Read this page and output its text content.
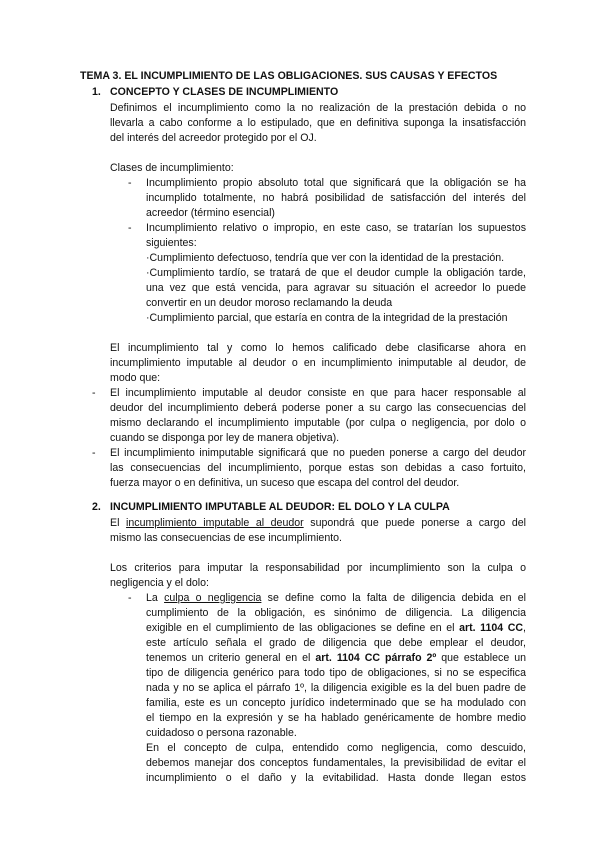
TEMA 3. EL INCUMPLIMIENTO DE LAS OBLIGACIONES. SUS CAUSAS Y EFECTOS
1. CONCEPTO Y CLASES DE INCUMPLIMIENTO
Definimos el incumplimiento como la no realización de la prestación debida o no
llevarla a cabo conforme a lo estipulado, que en definitiva suponga la insatisfacción
del interés del acreedor protegido por el OJ.
Clases de incumplimiento:
- Incumplimiento propio absoluto total que significará que la obligación se ha
incumplido totalmente, no habrá posibilidad de satisfacción del interés del
acreedor (término esencial)
- Incumplimiento relativo o impropio, en este caso, se tratarían los supuestos
siguientes:
·Cumplimiento defectuoso, tendría que ver con la identidad de la prestación.
·Cumplimiento tardío, se tratará de que el deudor cumple la obligación tarde,
una vez que está vencida, para agravar su situación el acreedor lo puede
convertir en un deudor moroso reclamando la deuda
·Cumplimiento parcial, que estaría en contra de la integridad de la prestación
El incumplimiento tal y como lo hemos calificado debe clasificarse ahora en
incumplimiento imputable al deudor o en incumplimiento inimputable al deudor, de
modo que:
- El incumplimiento imputable al deudor consiste en que para hacer responsable al
deudor del incumplimiento deberá poderse poner a su cargo las consecuencias del
mismo declarando el incumplimiento imputable (por culpa o negligencia, por dolo o
cuando se disponga por ley de manera objetiva).
- El incumplimiento inimputable significará que no pueden ponerse a cargo del deudor
las consecuencias del incumplimiento, porque estas son debidas a caso fortuito,
fuerza mayor o en definitiva, un suceso que escapa del control del deudor.
2. INCUMPLIMIENTO IMPUTABLE AL DEUDOR: EL DOLO Y LA CULPA
El incumplimiento imputable al deudor supondrá que puede ponerse a cargo del
mismo las consecuencias de ese incumplimiento.
Los criterios para imputar la responsabilidad por incumplimiento son la culpa o
negligencia y el dolo:
- La culpa o negligencia se define como la falta de diligencia debida en el
cumplimiento de la obligación, es sinónimo de diligencia. La diligencia
exigible en el cumplimiento de las obligaciones se define en el art. 1104 CC,
este artículo señala el grado de diligencia que debe emplear el deudor,
tenemos un criterio general en el art. 1104 CC párrafo 2º que establece un
tipo de diligencia genérico para todo tipo de obligaciones, si no se especifica
nada y no se aplica el párrafo 1º, la diligencia exigible es la del buen padre de
familia, este es un concepto jurídico indeterminado que se ha modulado con
el tiempo en la expresión y se ha hablado genéricamente de hombre medio
cuidadoso o persona razonable.
En el concepto de culpa, entendido como negligencia, como descuido,
debemos manejar dos conceptos fundamentales, la previsibilidad de evitar el
incumplimiento o el daño y la evitabilidad. Hasta donde llegan estos
